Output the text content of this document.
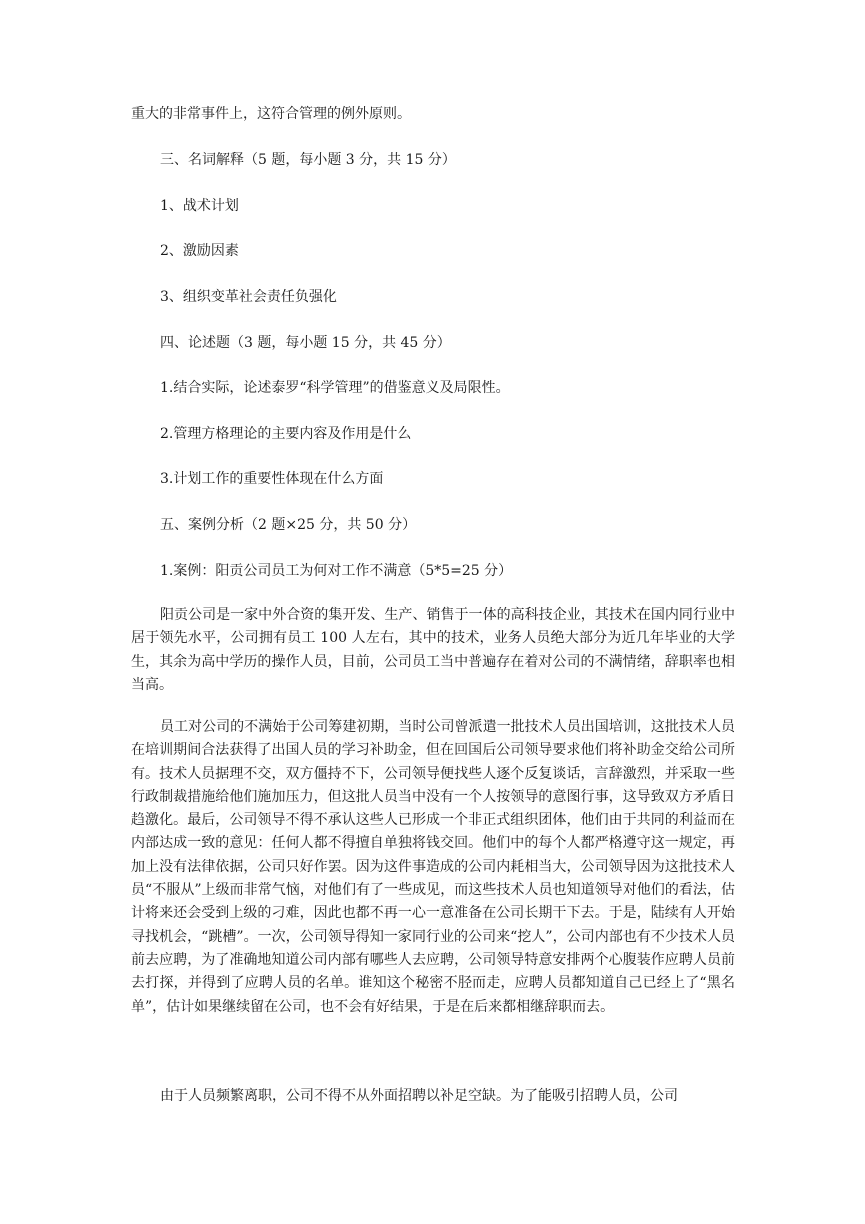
重大的非常事件上，这符合管理的例外原则。
三、名词解释（5 题，每小题 3 分，共 15 分）
1、战术计划
2、激励因素
3、组织变革社会责任负强化
四、论述题（3 题，每小题 15 分，共 45 分）
1.结合实际，论述泰罗“科学管理”的借鉴意义及局限性。
2.管理方格理论的主要内容及作用是什么
3.计划工作的重要性体现在什么方面
五、案例分析（2 题×25 分，共 50 分）
1.案例：阳贡公司员工为何对工作不满意（5*5=25 分）
阳贡公司是一家中外合资的集开发、生产、销售于一体的高科技企业，其技术在国内同行业中居于领先水平，公司拥有员工 100 人左右，其中的技术，业务人员绝大部分为近几年毕业的大学生，其余为高中学历的操作人员，目前，公司员工当中普遍存在着对公司的不满情绪，辞职率也相当高。
员工对公司的不满始于公司筹建初期，当时公司曾派遣一批技术人员出国培训，这批技术人员在培训期间合法获得了出国人员的学习补助金，但在回国后公司领导要求他们将补助金交给公司所有。技术人员据理不交，双方僵持不下，公司领导便找些人逐个反复谈话，言辞激烈，并采取一些行政制裁措施给他们施加压力，但这批人员当中没有一个人按领导的意图行事，这导致双方矛盾日趋激化。最后，公司领导不得不承认这些人已形成一个非正式组织团体，他们由于共同的利益而在内部达成一致的意见：任何人都不得擅自单独将钱交回。他们中的每个人都严格遵守这一规定，再加上没有法律依据，公司只好作罢。因为这件事造成的公司内耗相当大，公司领导因为这批技术人员“不服从”上级而非常气恼，对他们有了一些成见，而这些技术人员也知道领导对他们的看法，估计将来还会受到上级的刁难，因此也都不再一心一意准备在公司长期干下去。于是，陆续有人开始寻找机会，“跳槽”。一次，公司领导得知一家同行业的公司来“挖人”，公司内部也有不少技术人员前去应聘，为了准确地知道公司内部有哪些人去应聘，公司领导特意安排两个心腹装作应聘人员前去打探，并得到了应聘人员的名单。谁知这个秘密不胫而走，应聘人员都知道自己已经上了“黑名单”，估计如果继续留在公司，也不会有好结果，于是在后来都相继辞职而去。
由于人员频繁离职，公司不得不从外面招聘以补足空缺。为了能吸引招聘人员，公司
